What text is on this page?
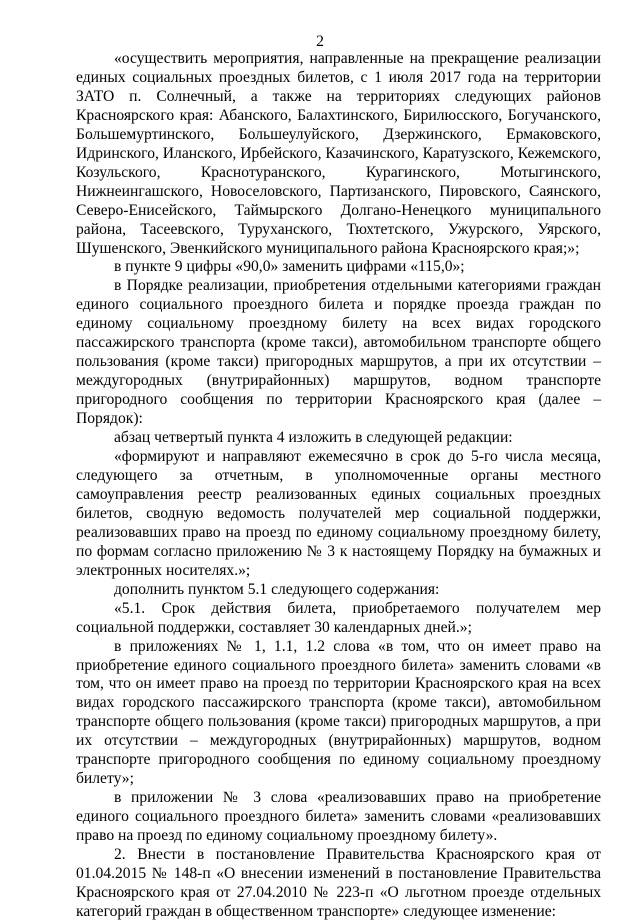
2

«осуществить мероприятия, направленные на прекращение реализации единых социальных проездных билетов, с 1 июля 2017 года на территории ЗАТО п. Солнечный, а также на территориях следующих районов Красноярского края: Абанского, Балахтинского, Бирилюсского, Богучанского, Большемуртинского, Большеулуйского, Дзержинского, Ермаковского, Идринского, Иланского, Ирбейского, Казачинского, Каратузского, Кежемского, Козульского, Краснотуранского, Курагинского, Мотыгинского, Нижнеингашского, Новоселовского, Партизанского, Пировского, Саянского, Северо-Енисейского, Таймырского Долгано-Ненецкого муниципального района, Тасеевского, Туруханского, Тюхтетского, Ужурского, Уярского, Шушенского, Эвенкийского муниципального района Красноярского края;»;

в пункте 9 цифры «90,0» заменить цифрами «115,0»;

в Порядке реализации, приобретения отдельными категориями граждан единого социального проездного билета и порядке проезда граждан по единому социальному проездному билету на всех видах городского пассажирского транспорта (кроме такси), автомобильном транспорте общего пользования (кроме такси) пригородных маршрутов, а при их отсутствии – междугородных (внутрирайонных) маршрутов, водном транспорте пригородного сообщения по территории Красноярского края (далее – Порядок):

абзац четвертый пункта 4 изложить в следующей редакции:

«формируют и направляют ежемесячно в срок до 5-го числа месяца, следующего за отчетным, в уполномоченные органы местного самоуправления реестр реализованных единых социальных проездных билетов, сводную ведомость получателей мер социальной поддержки, реализовавших право на проезд по единому социальному проездному билету, по формам согласно приложению № 3 к настоящему Порядку на бумажных и электронных носителях.»;

дополнить пунктом 5.1 следующего содержания:

«5.1. Срок действия билета, приобретаемого получателем мер социальной поддержки, составляет 30 календарных дней.»;

в приложениях № 1, 1.1, 1.2 слова «в том, что он имеет право на приобретение единого социального проездного билета» заменить словами «в том, что он имеет право на проезд по территории Красноярского края на всех видах городского пассажирского транспорта (кроме такси), автомобильном транспорте общего пользования (кроме такси) пригородных маршрутов, а при их отсутствии – междугородных (внутрирайонных) маршрутов, водном транспорте пригородного сообщения по единому социальному проездному билету»;

в приложении № 3 слова «реализовавших право на приобретение единого социального проездного билета» заменить словами «реализовавших право на проезд по единому социальному проездному билету».

2. Внести в постановление Правительства Красноярского края от 01.04.2015 № 148-п «О внесении изменений в постановление Правительства Красноярского края от 27.04.2010 № 223-п «О льготном проезде отдельных категорий граждан в общественном транспорте» следующее изменение:
